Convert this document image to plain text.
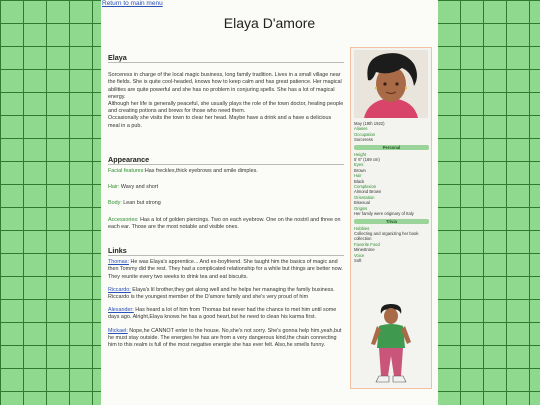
Return to main menu
Elaya D'amore

Elaya

Sorceress in charge of the local magic business, long family tradition. Lives in a small village near the fields. She is quite cool-headed, knows how to keep calm and has great patience. Her magical abilities are quite powerful and she has no problem in conjuring spells. She has a lot of magical energy.

Although her life is generally peaceful, she usually plays the role of the town doctor, healing people and creating potions and brews for those who need them.

Occasionally she visits the town to clear her head. Maybe have a drink and a have a delicious meal in a pub.

Appearance

Facial features:Has freckles,thick eyebrows and smile dimples.

Hair: Wavy and short

Body: Lean but strong

Accessories: Has a lot of golden piercings. Two on each eyebrow. One on the nostril and three on each ear. Those are the most notable and visible ones.

Links

Thomas: He was Elaya's apprentice... And ex-boyfriend. She taught him the basics of magic and then Tommy did the rest. They had a complicated relationship for a while but things are better now. They reunite every two weeks to drink tea and eat biscuits.

Riccardo: Elaya's lil brother,they get along well and he helps her managing the family business. Riccardo is the youngest member of the D'amore family and she's very proud of him

Alexander: Has heard a lot of him from Thomas but never had the chance to met him until some days ago. Alright,Elaya knows he has a good heart,but he need to clean his karma first.

Mickael: Nope,he CANNOT enter to the house. No,she's not sorry. She's gonna help him,yeah,but he must stay outside. The energies he has are from a very dangerous kind,the chain connecting him to this realm is full of the most negative energie she has ever felt. Also,he smells funny.

May (19th 1922)
Aliases
Occupation
Sorceress
Personal
Height
5' 6" (169 cm)
Eyes
Brown
Hair
Black
Complexion
Almond Brown
Orientation
Bisexual
Origins
Her family were originary of Italy
Trivia
Hobbies
Collecting and organizing her book collection
Favorite Food
Minestrone
Voice
Soft
